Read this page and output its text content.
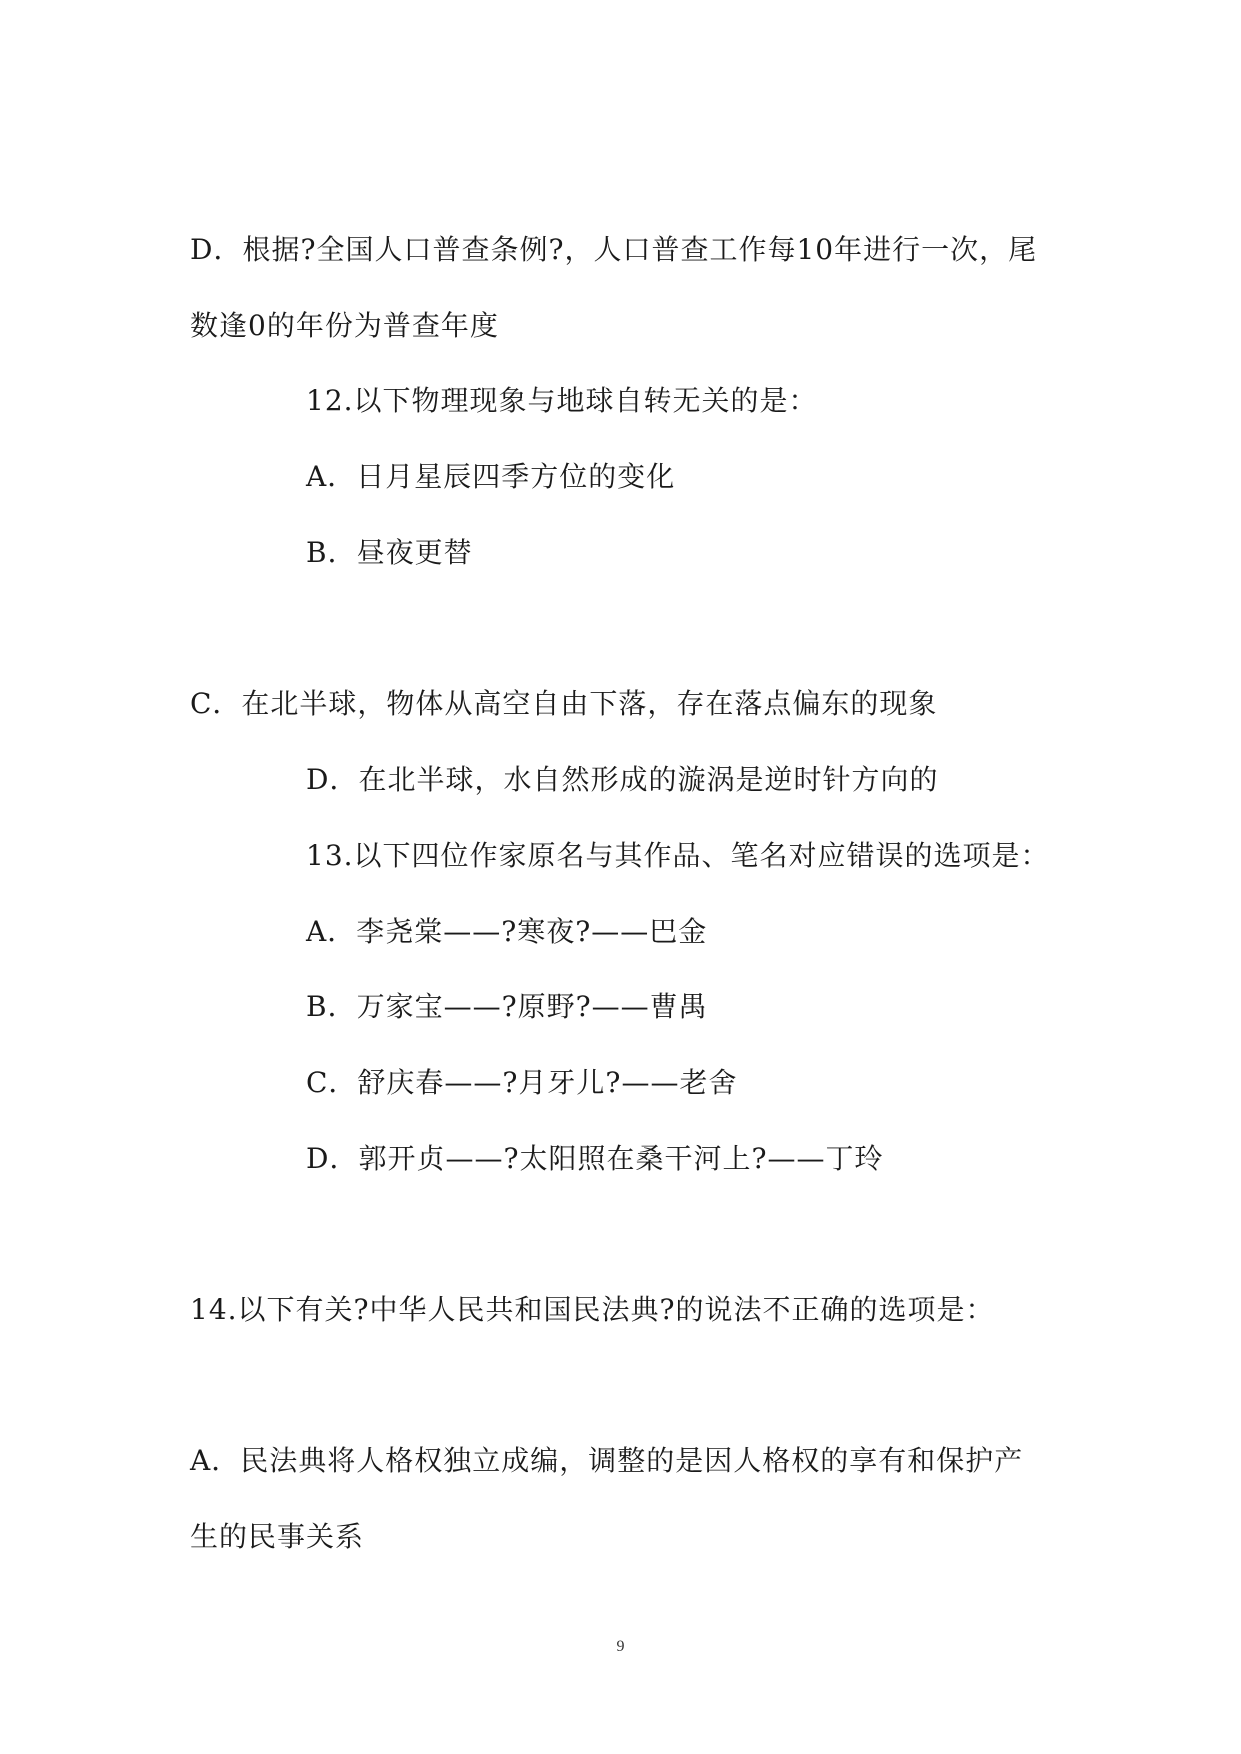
D．根据?全国人口普查条例?，人口普查工作每10年进行一次，尾
数逢0的年份为普查年度
12.以下物理现象与地球自转无关的是：
A．日月星辰四季方位的变化
B．昼夜更替
C．在北半球，物体从高空自由下落，存在落点偏东的现象
D．在北半球，水自然形成的漩涡是逆时针方向的
13.以下四位作家原名与其作品、笔名对应错误的选项是：
A．李尧棠——?寒夜?——巴金
B．万家宝——?原野?——曹禺
C．舒庆春——?月牙儿?——老舍
D．郭开贞——?太阳照在桑干河上?——丁玲
14.以下有关?中华人民共和国民法典?的说法不正确的选项是：
A．民法典将人格权独立成编，调整的是因人格权的享有和保护产
生的民事关系
9
